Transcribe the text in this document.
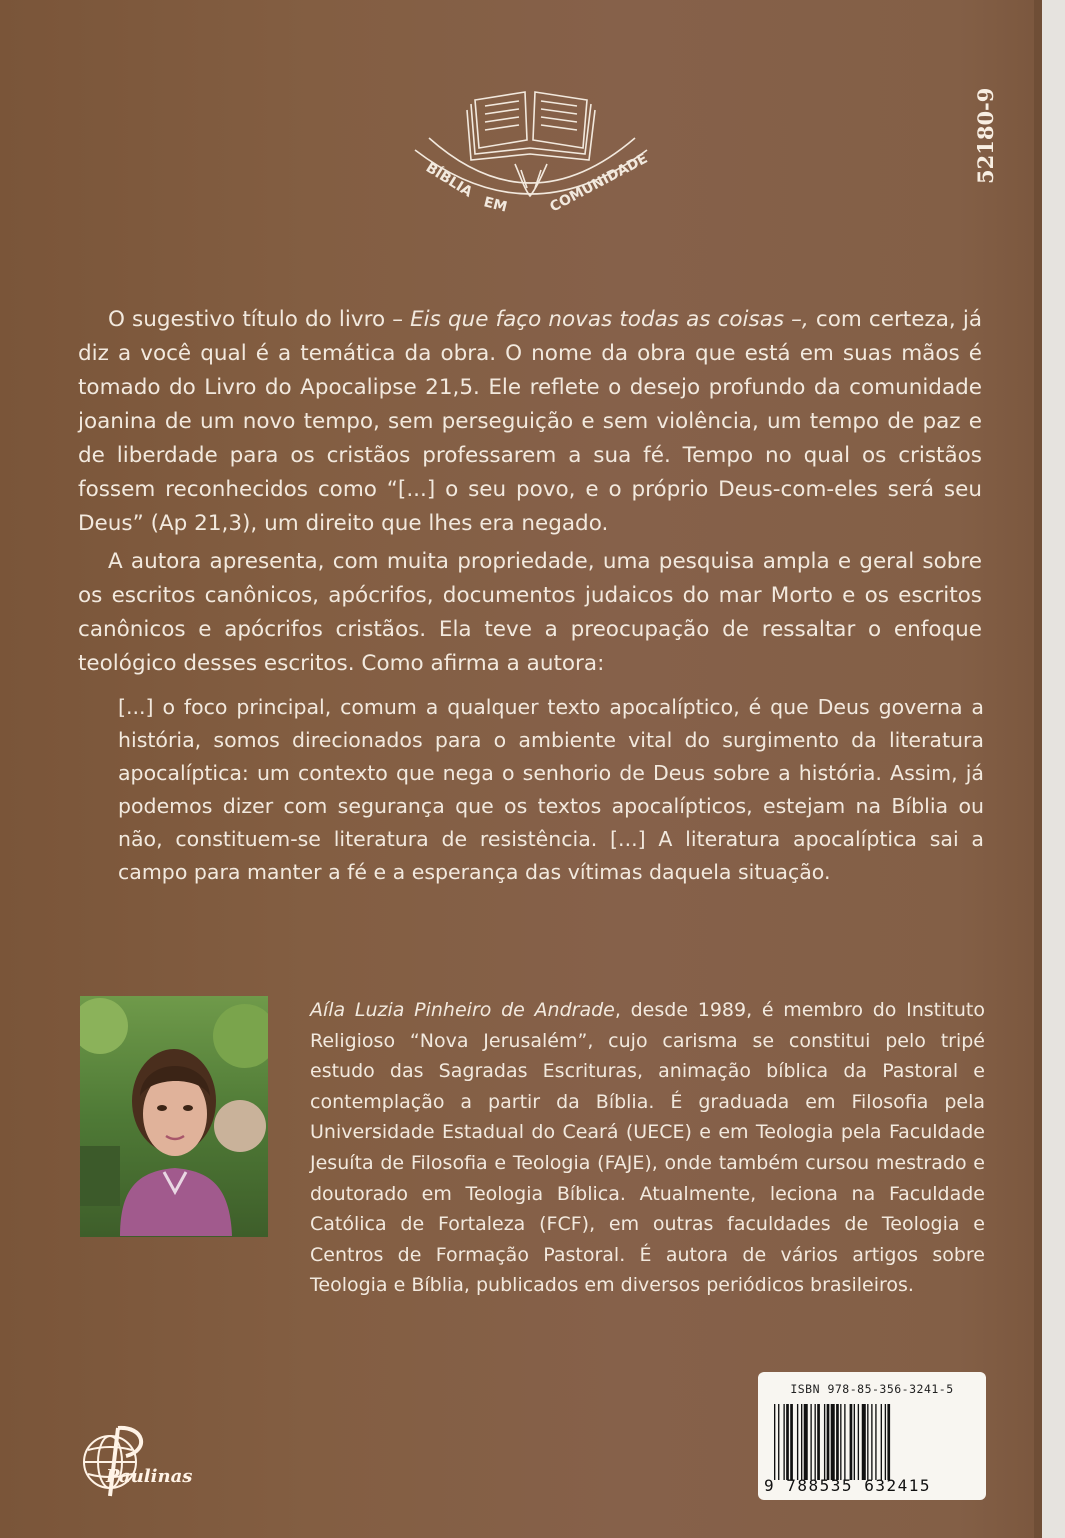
BÍBLIA
EM	COMUNIDADE	52180-9

O sugestivo título do livro – Eis que faço novas todas as coisas –, com certeza, já diz a você qual é a temática da obra. O nome da obra que está em suas mãos é tomado do Livro do Apocalipse 21,5. Ele reflete o desejo profundo da comunidade joanina de um novo tempo, sem perseguição e sem violência, um tempo de paz e de liberdade para os cristãos professarem a sua fé. Tempo no qual os cristãos fossem reconhecidos como “[...] o seu povo, e o próprio Deus-com-eles será seu Deus” (Ap 21,3), um direito que lhes era negado.

A autora apresenta, com muita propriedade, uma pesquisa ampla e geral sobre os escritos canônicos, apócrifos, documentos judaicos do mar Morto e os escritos canônicos e apócrifos cristãos. Ela teve a preocupação de ressaltar o enfoque teológico desses escritos. Como afirma a autora:

[...] o foco principal, comum a qualquer texto apocalíptico, é que Deus governa a história, somos direcionados para o ambiente vital do surgimento da literatura apocalíptica: um contexto que nega o senhorio de Deus sobre a história. Assim, já podemos dizer com segurança que os textos apocalípticos, estejam na Bíblia ou não, constituem-se literatura de resistência. [...] A literatura apocalíptica sai a campo para manter a fé e a esperança das vítimas daquela situação.

Aíla Luzia Pinheiro de Andrade, desde 1989, é membro do Instituto Religioso “Nova Jerusalém”, cujo carisma se constitui pelo tripé estudo das Sagradas Escrituras, animação bíblica da Pastoral e contemplação a partir da Bíblia. É graduada em Filosofia pela Universidade Estadual do Ceará (UECE) e em Teologia pela Faculdade Jesuíta de Filosofia e Teologia (FAJE), onde também cursou mestrado e doutorado em Teologia Bíblica. Atualmente, leciona na Faculdade Católica de Fortaleza (FCF), em outras faculdades de Teologia e Centros de Formação Pastoral. É autora de vários artigos sobre Teologia e Bíblia, publicados em diversos periódicos brasileiros.

ISBN 978-85-356-3241-5
9 788535 632415
Paulinas
